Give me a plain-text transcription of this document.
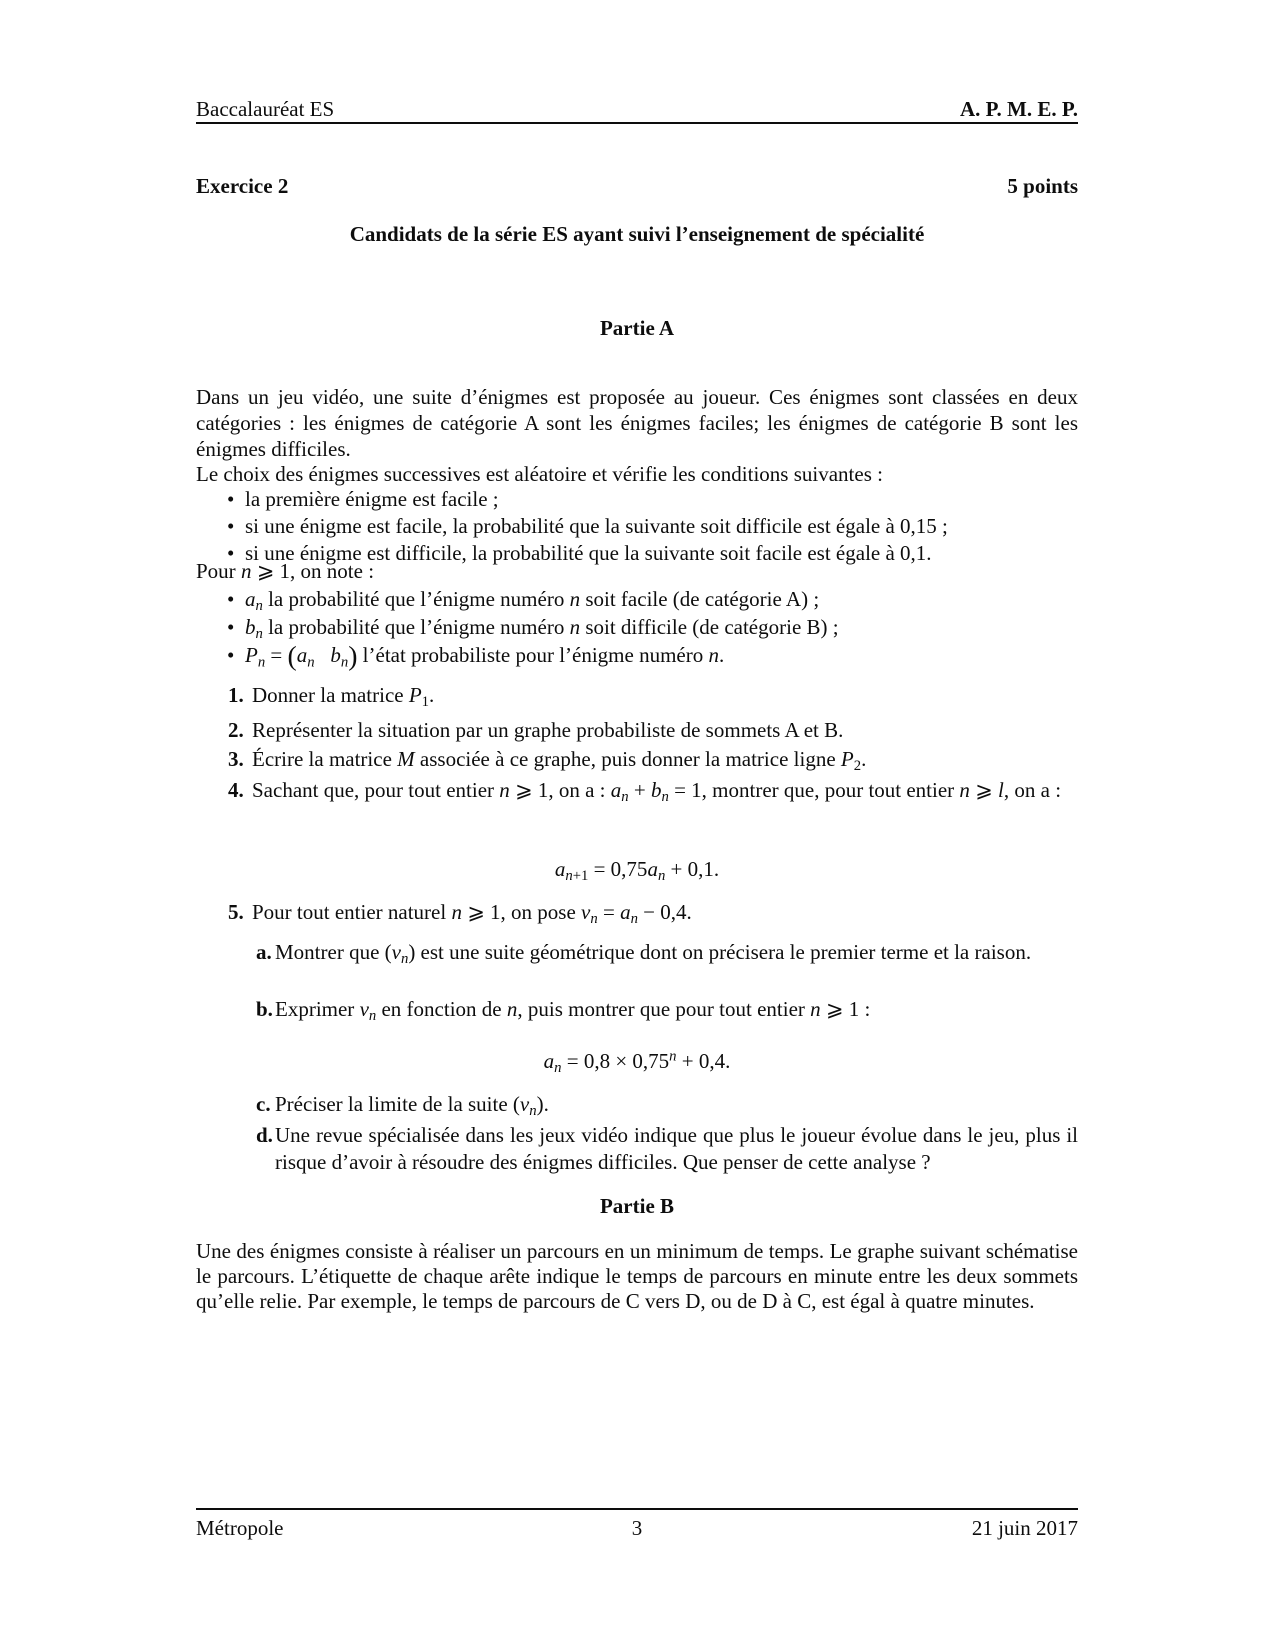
Baccalauréat ES	A. P. M. E. P.
Exercice 2	5 points
Candidats de la série ES ayant suivi l’enseignement de spécialité
Partie A
Dans un jeu vidéo, une suite d’énigmes est proposée au joueur. Ces énigmes sont classées en deux catégories : les énigmes de catégorie A sont les énigmes faciles; les énigmes de catégorie B sont les énigmes difficiles.
Le choix des énigmes successives est aléatoire et vérifie les conditions suivantes :
• la première énigme est facile ;
• si une énigme est facile, la probabilité que la suivante soit difficile est égale à 0,15 ;
• si une énigme est difficile, la probabilité que la suivante soit facile est égale à 0,1.
Pour n ⩾ 1, on note :
• an la probabilité que l’énigme numéro n soit facile (de catégorie A) ;
• bn la probabilité que l’énigme numéro n soit difficile (de catégorie B) ;
• Pn = (an bn) l’état probabiliste pour l’énigme numéro n.
1. Donner la matrice P1.
2. Représenter la situation par un graphe probabiliste de sommets A et B.
3. Écrire la matrice M associée à ce graphe, puis donner la matrice ligne P2.
4. Sachant que, pour tout entier n ⩾ 1, on a : an + bn = 1, montrer que, pour tout entier n ⩾ l, on a :
an+1 = 0,75an + 0,1.
5. Pour tout entier naturel n ⩾ 1, on pose vn = an − 0,4.
a. Montrer que (vn) est une suite géométrique dont on précisera le premier terme et la raison.
b. Exprimer vn en fonction de n, puis montrer que pour tout entier n ⩾ 1 :
an = $0,8 \times 0,75^n + 0,4$.
c. Préciser la limite de la suite (vn).
d. Une revue spécialisée dans les jeux vidéo indique que plus le joueur évolue dans le jeu, plus il risque d’avoir à résoudre des énigmes difficiles. Que penser de cette analyse ?
Partie B
Une des énigmes consiste à réaliser un parcours en un minimum de temps. Le graphe suivant schématise le parcours. L’étiquette de chaque arête indique le temps de parcours en minute entre les deux sommets qu’elle relie. Par exemple, le temps de parcours de C vers D, ou de D à C, est égal à quatre minutes.
Métropole	3	21 juin 2017
